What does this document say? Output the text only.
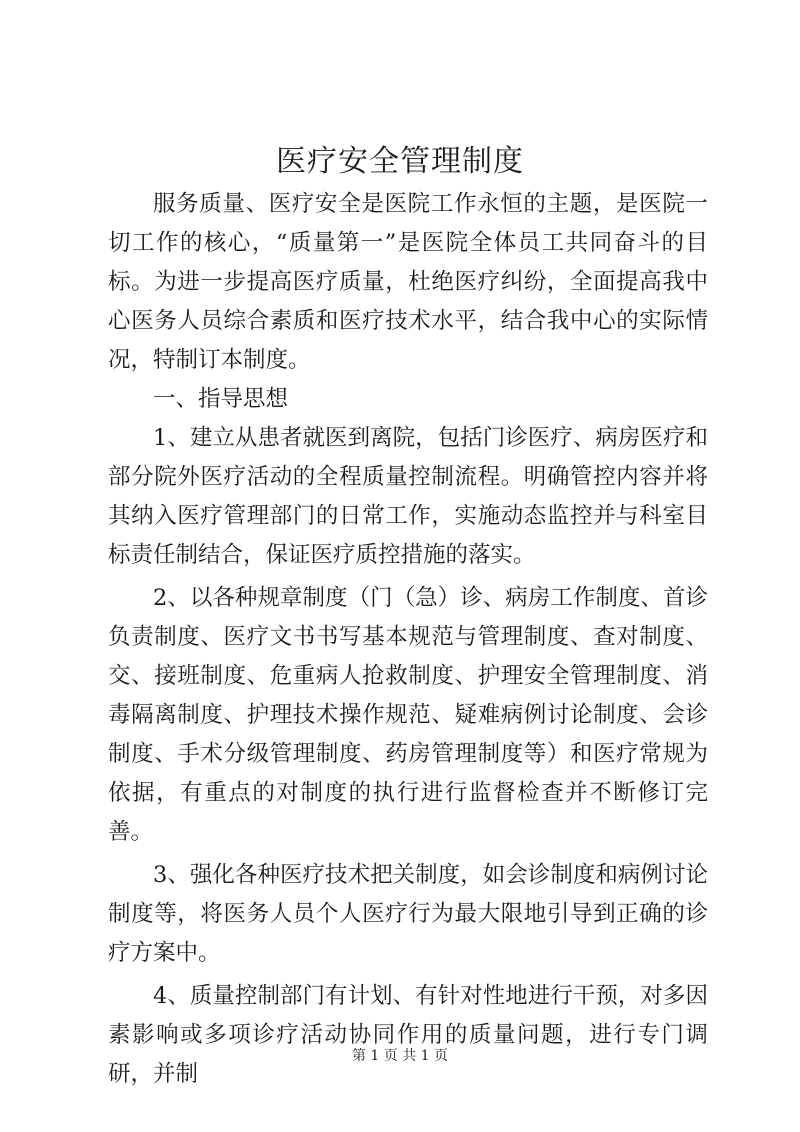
医疗安全管理制度

服务质量、医疗安全是医院工作永恒的主题，是医院一切工作的核心，“质量第一”是医院全体员工共同奋斗的目标。为进一步提高医疗质量，杜绝医疗纠纷，全面提高我中心医务人员综合素质和医疗技术水平，结合我中心的实际情况，特制订本制度。

一、指导思想

1、建立从患者就医到离院，包括门诊医疗、病房医疗和部分院外医疗活动的全程质量控制流程。明确管控内容并将其纳入医疗管理部门的日常工作，实施动态监控并与科室目标责任制结合，保证医疗质控措施的落实。

2、以各种规章制度（门（急）诊、病房工作制度、首诊负责制度、医疗文书书写基本规范与管理制度、查对制度、交、接班制度、危重病人抢救制度、护理安全管理制度、消毒隔离制度、护理技术操作规范、疑难病例讨论制度、会诊制度、手术分级管理制度、药房管理制度等）和医疗常规为依据，有重点的对制度的执行进行监督检查并不断修订完善。

3、强化各种医疗技术把关制度，如会诊制度和病例讨论制度等，将医务人员个人医疗行为最大限地引导到正确的诊疗方案中。

4、质量控制部门有计划、有针对性地进行干预，对多因素影响或多项诊疗活动协同作用的质量问题，进行专门调研，并制

第 1 页 共 1 页
